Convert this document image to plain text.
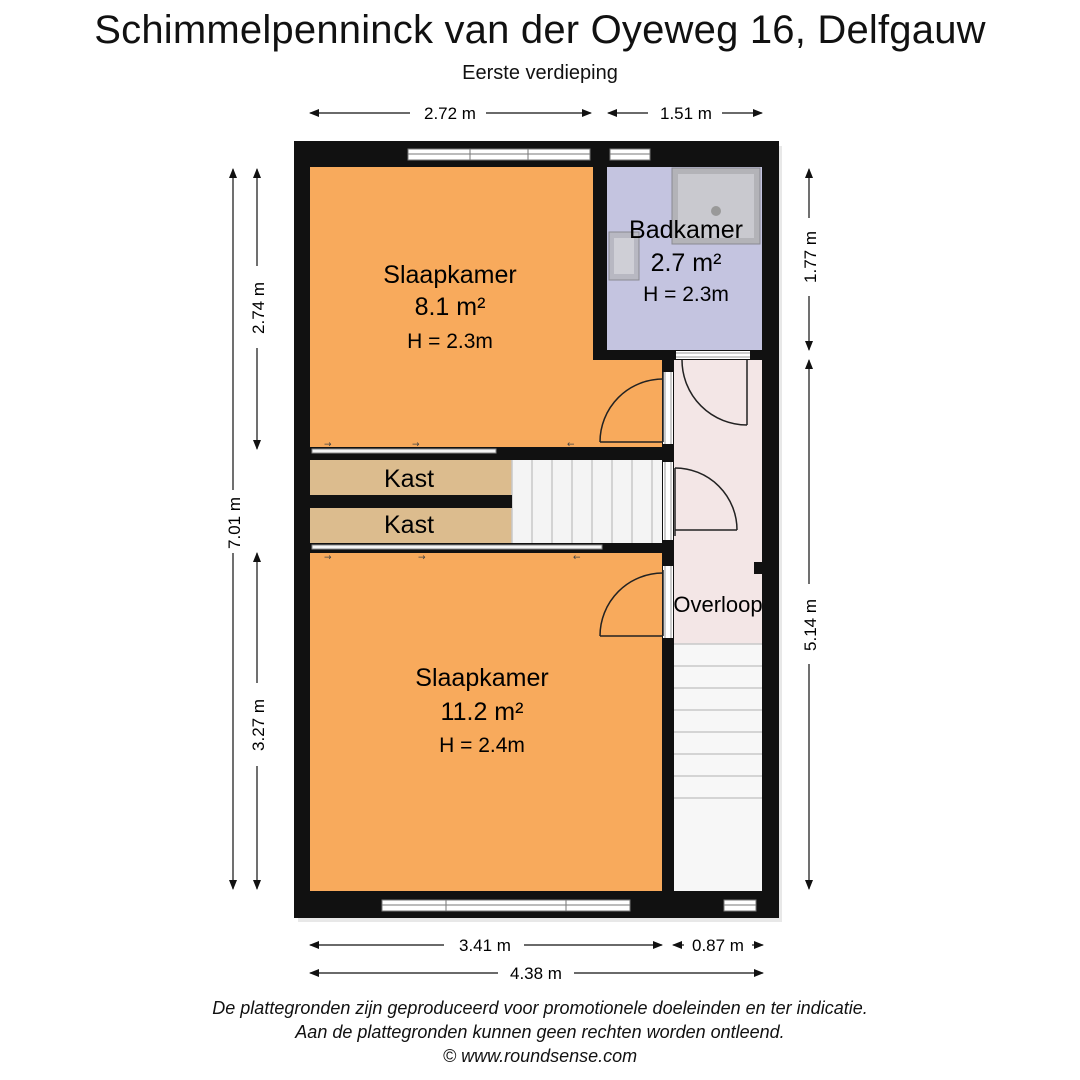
Schimmelpenninck van der Oyeweg 16, Delfgauw
Eerste verdieping
→	→	←
→	→	←
Slaapkamer
8.1 m²
H = 2.3m
Badkamer
2.7 m²
H = 2.3m
Kast
Kast
Overloop
Slaapkamer
11.2 m²
H = 2.4m
2.72 m	1.51 m
7.01 m
2.74 m
3.27 m
1.77 m
5.14 m
3.41 m	0.87 m
4.38 m
De plattegronden zijn geproduceerd voor promotionele doeleinden en ter indicatie.
Aan de plattegronden kunnen geen rechten worden ontleend.
© www.roundsense.com
